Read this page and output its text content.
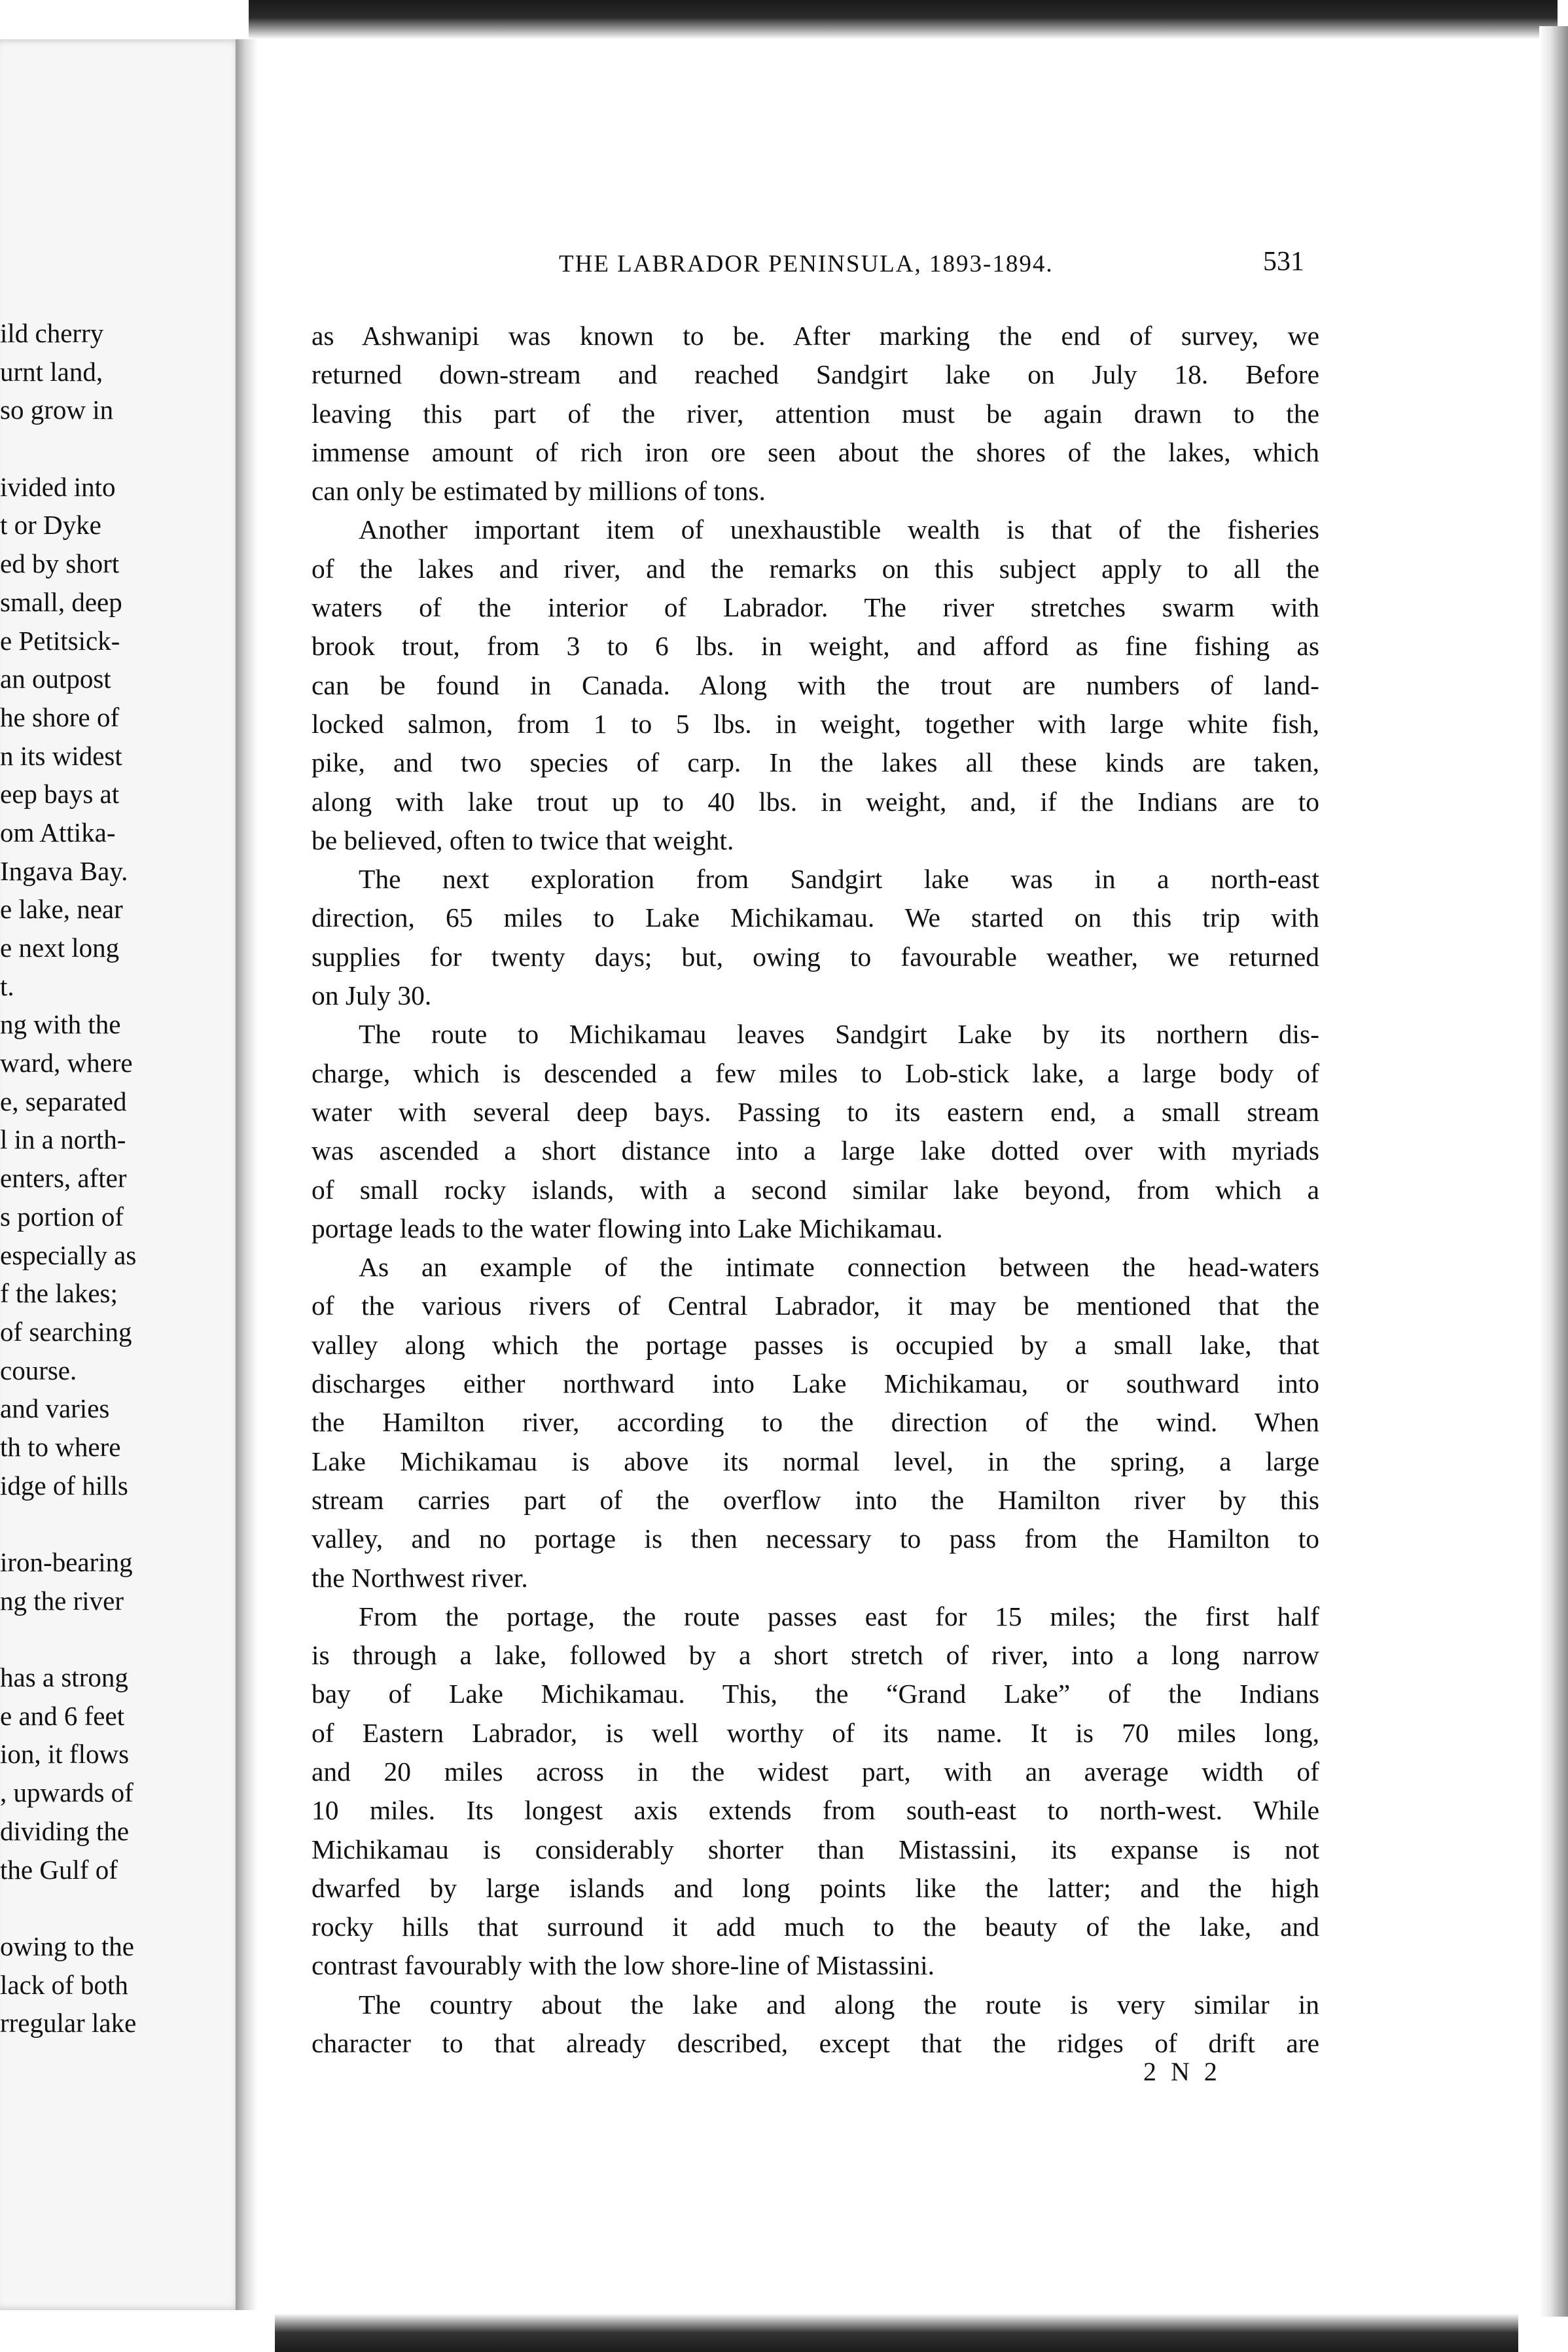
ild cherry
urnt land,
so grow in
ivided into
t or Dyke
ed by short
small, deep
e Petitsick-
an outpost
he shore of
n its widest
eep bays at
om Attika-
Ingava Bay.
e lake, near
e next long
t.
ng with the
ward, where
e, separated
l in a north-
enters, after
s portion of
especially as
f the lakes;
of searching
course.
and varies
th to where
idge of hills
iron-bearing
ng the river
has a strong
e and 6 feet
ion, it flows
, upwards of
dividing the
the Gulf of
owing to the
lack of both
rregular lake
THE LABRADOR PENINSULA, 1893-1894.	531
as Ashwanipi was known to be. After marking the end of survey, we
returned down-stream and reached Sandgirt lake on July 18. Before
leaving this part of the river, attention must be again drawn to the
immense amount of rich iron ore seen about the shores of the lakes, which
can only be estimated by millions of tons.
Another important item of unexhaustible wealth is that of the fisheries
of the lakes and river, and the remarks on this subject apply to all the
waters of the interior of Labrador. The river stretches swarm with
brook trout, from 3 to 6 lbs. in weight, and afford as fine fishing as
can be found in Canada. Along with the trout are numbers of land-
locked salmon, from 1 to 5 lbs. in weight, together with large white fish,
pike, and two species of carp. In the lakes all these kinds are taken,
along with lake trout up to 40 lbs. in weight, and, if the Indians are to
be believed, often to twice that weight.
The next exploration from Sandgirt lake was in a north-east
direction, 65 miles to Lake Michikamau. We started on this trip with
supplies for twenty days; but, owing to favourable weather, we returned
on July 30.
The route to Michikamau leaves Sandgirt Lake by its northern dis-
charge, which is descended a few miles to Lob-stick lake, a large body of
water with several deep bays. Passing to its eastern end, a small stream
was ascended a short distance into a large lake dotted over with myriads
of small rocky islands, with a second similar lake beyond, from which a
portage leads to the water flowing into Lake Michikamau.
As an example of the intimate connection between the head-waters
of the various rivers of Central Labrador, it may be mentioned that the
valley along which the portage passes is occupied by a small lake, that
discharges either northward into Lake Michikamau, or southward into
the Hamilton river, according to the direction of the wind. When
Lake Michikamau is above its normal level, in the spring, a large
stream carries part of the overflow into the Hamilton river by this
valley, and no portage is then necessary to pass from the Hamilton to
the Northwest river.
From the portage, the route passes east for 15 miles; the first half
is through a lake, followed by a short stretch of river, into a long narrow
bay of Lake Michikamau. This, the “Grand Lake” of the Indians
of Eastern Labrador, is well worthy of its name. It is 70 miles long,
and 20 miles across in the widest part, with an average width of
10 miles. Its longest axis extends from south-east to north-west. While
Michikamau is considerably shorter than Mistassini, its expanse is not
dwarfed by large islands and long points like the latter; and the high
rocky hills that surround it add much to the beauty of the lake, and
contrast favourably with the low shore-line of Mistassini.
The country about the lake and along the route is very similar in
character to that already described, except that the ridges of drift are
2 N 2
